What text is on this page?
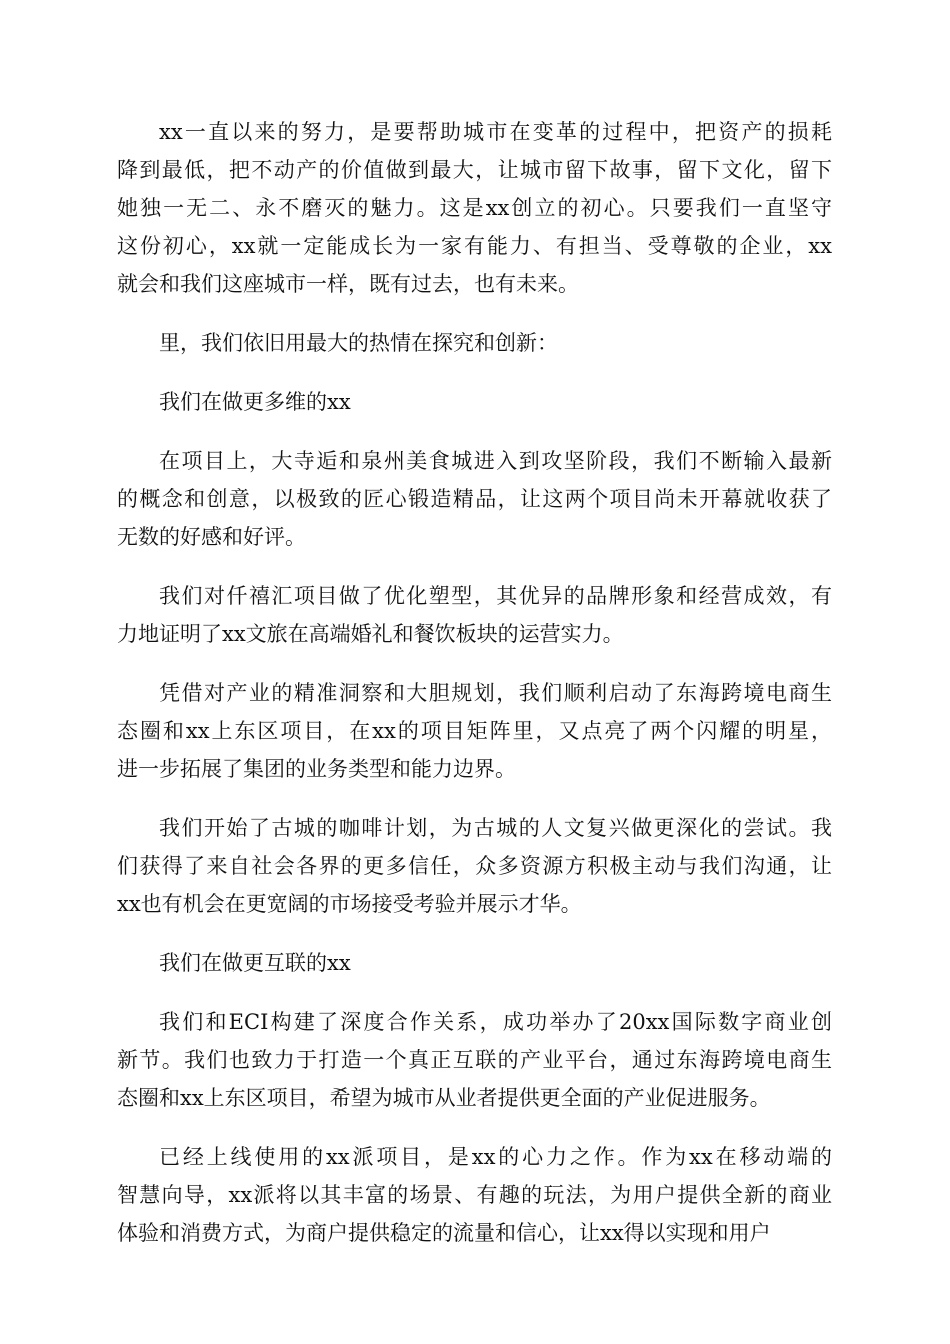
xx一直以来的努力，是要帮助城市在变革的过程中，把资产的损耗
降到最低，把不动产的价值做到最大，让城市留下故事，留下文化，留下
她独一无二、永不磨灭的魅力。这是xx创立的初心。只要我们一直坚守
这份初心，xx就一定能成长为一家有能力、有担当、受尊敬的企业，xx
就会和我们这座城市一样，既有过去，也有未来。

里，我们依旧用最大的热情在探究和创新：

我们在做更多维的xx

在项目上，大寺逅和泉州美食城进入到攻坚阶段，我们不断输入最新
的概念和创意，以极致的匠心锻造精品，让这两个项目尚未开幕就收获了
无数的好感和好评。

我们对仟禧汇项目做了优化塑型，其优异的品牌形象和经营成效，有
力地证明了xx文旅在高端婚礼和餐饮板块的运营实力。

凭借对产业的精准洞察和大胆规划，我们顺利启动了东海跨境电商生
态圈和xx上东区项目，在xx的项目矩阵里，又点亮了两个闪耀的明星，
进一步拓展了集团的业务类型和能力边界。

我们开始了古城的咖啡计划，为古城的人文复兴做更深化的尝试。我
们获得了来自社会各界的更多信任，众多资源方积极主动与我们沟通，让
xx也有机会在更宽阔的市场接受考验并展示才华。

我们在做更互联的xx

我们和ECI构建了深度合作关系，成功举办了20xx国际数字商业创
新节。我们也致力于打造一个真正互联的产业平台，通过东海跨境电商生
态圈和xx上东区项目，希望为城市从业者提供更全面的产业促进服务。

已经上线使用的xx派项目，是xx的心力之作。作为xx在移动端的
智慧向导，xx派将以其丰富的场景、有趣的玩法，为用户提供全新的商业
体验和消费方式，为商户提供稳定的流量和信心，让xx得以实现和用户
